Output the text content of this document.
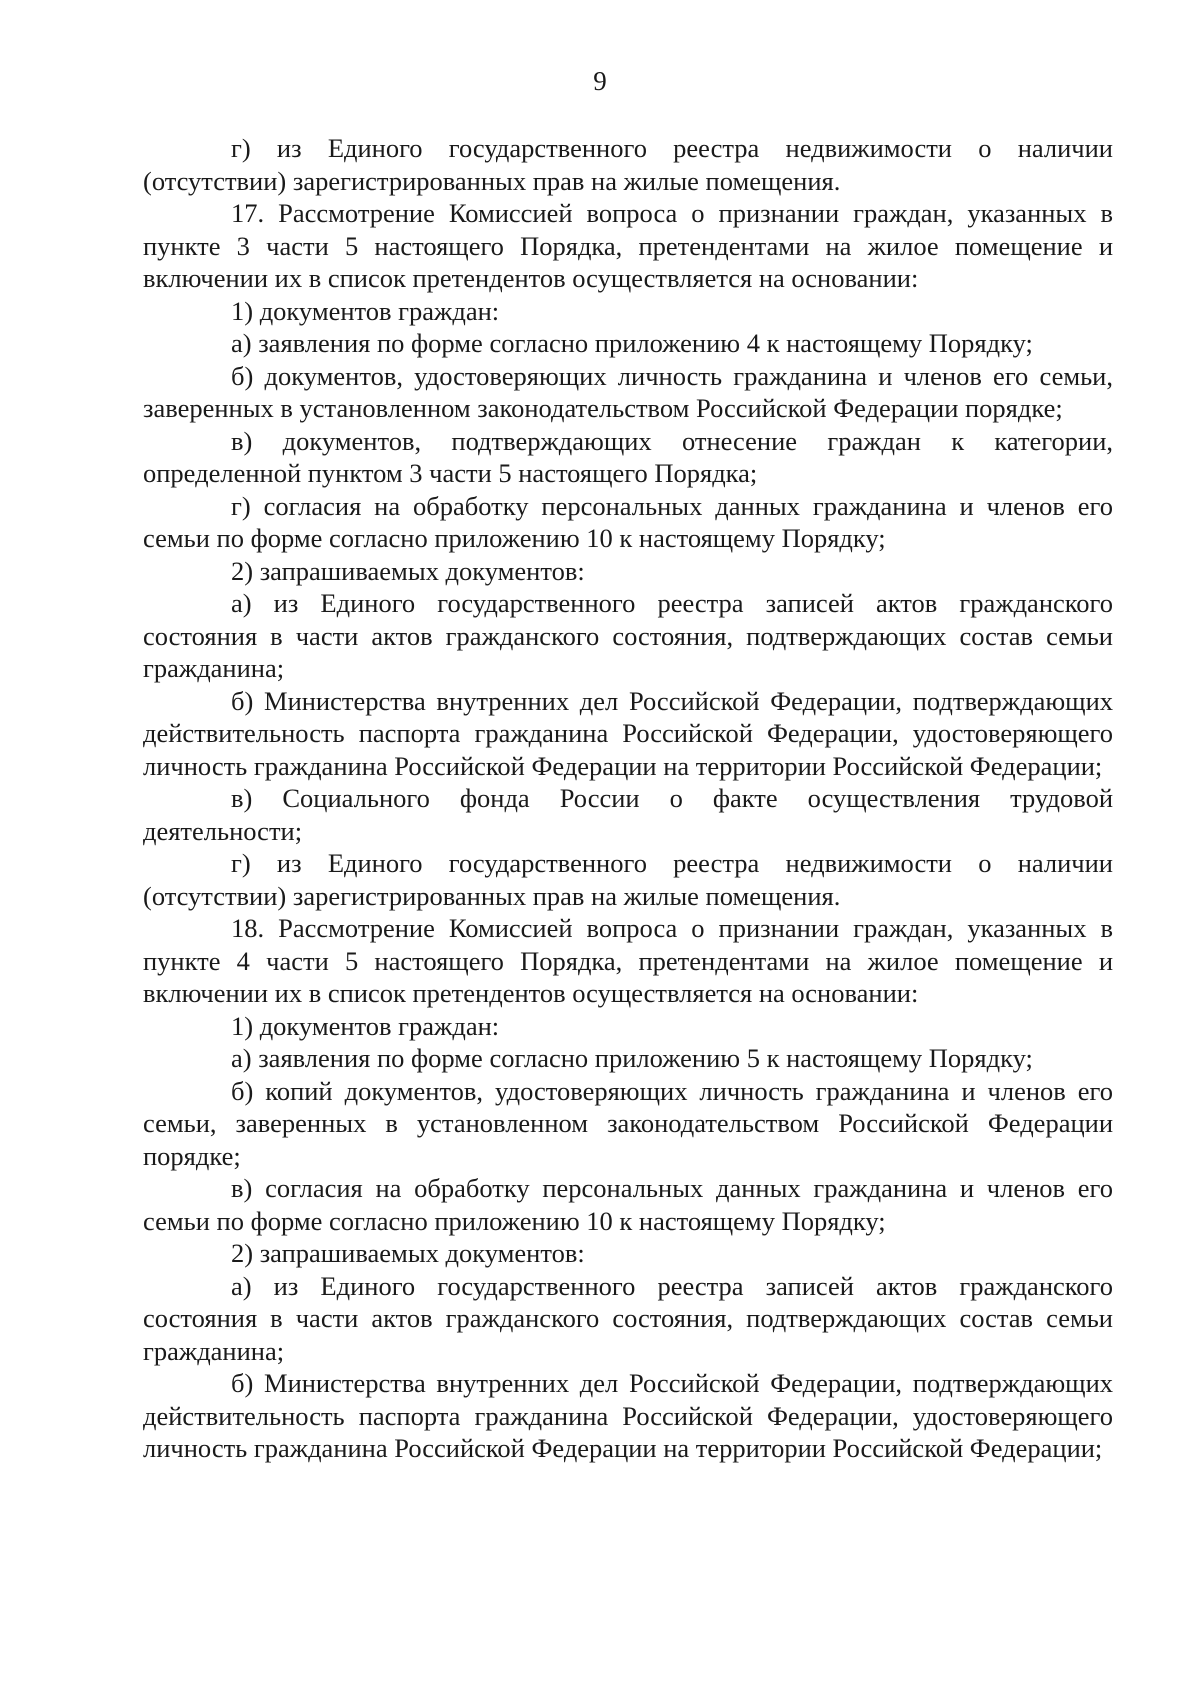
9

г) из Единого государственного реестра недвижимости о наличии (отсутствии) зарегистрированных прав на жилые помещения.

17. Рассмотрение Комиссией вопроса о признании граждан, указанных в пункте 3 части 5 настоящего Порядка, претендентами на жилое помещение и включении их в список претендентов осуществляется на основании:

1) документов граждан:

а) заявления по форме согласно приложению 4 к настоящему Порядку;

б) документов, удостоверяющих личность гражданина и членов его семьи, заверенных в установленном законодательством Российской Федерации порядке;

в) документов, подтверждающих отнесение граждан к категории, определенной пунктом 3 части 5 настоящего Порядка;

г) согласия на обработку персональных данных гражданина и членов его семьи по форме согласно приложению 10 к настоящему Порядку;

2) запрашиваемых документов:

а) из Единого государственного реестра записей актов гражданского состояния в части актов гражданского состояния, подтверждающих состав семьи гражданина;

б) Министерства внутренних дел Российской Федерации, подтверждающих действительность паспорта гражданина Российской Федерации, удостоверяющего личность гражданина Российской Федерации на территории Российской Федерации;

в) Социального фонда России о факте осуществления трудовой деятельности;

г) из Единого государственного реестра недвижимости о наличии (отсутствии) зарегистрированных прав на жилые помещения.

18. Рассмотрение Комиссией вопроса о признании граждан, указанных в пункте 4 части 5 настоящего Порядка, претендентами на жилое помещение и включении их в список претендентов осуществляется на основании:

1) документов граждан:

а) заявления по форме согласно приложению 5 к настоящему Порядку;

б) копий документов, удостоверяющих личность гражданина и членов его семьи, заверенных в установленном законодательством Российской Федерации порядке;

в) согласия на обработку персональных данных гражданина и членов его семьи по форме согласно приложению 10 к настоящему Порядку;

2) запрашиваемых документов:

а) из Единого государственного реестра записей актов гражданского состояния в части актов гражданского состояния, подтверждающих состав семьи гражданина;

б) Министерства внутренних дел Российской Федерации, подтверждающих действительность паспорта гражданина Российской Федерации, удостоверяющего личность гражданина Российской Федерации на территории Российской Федерации;
